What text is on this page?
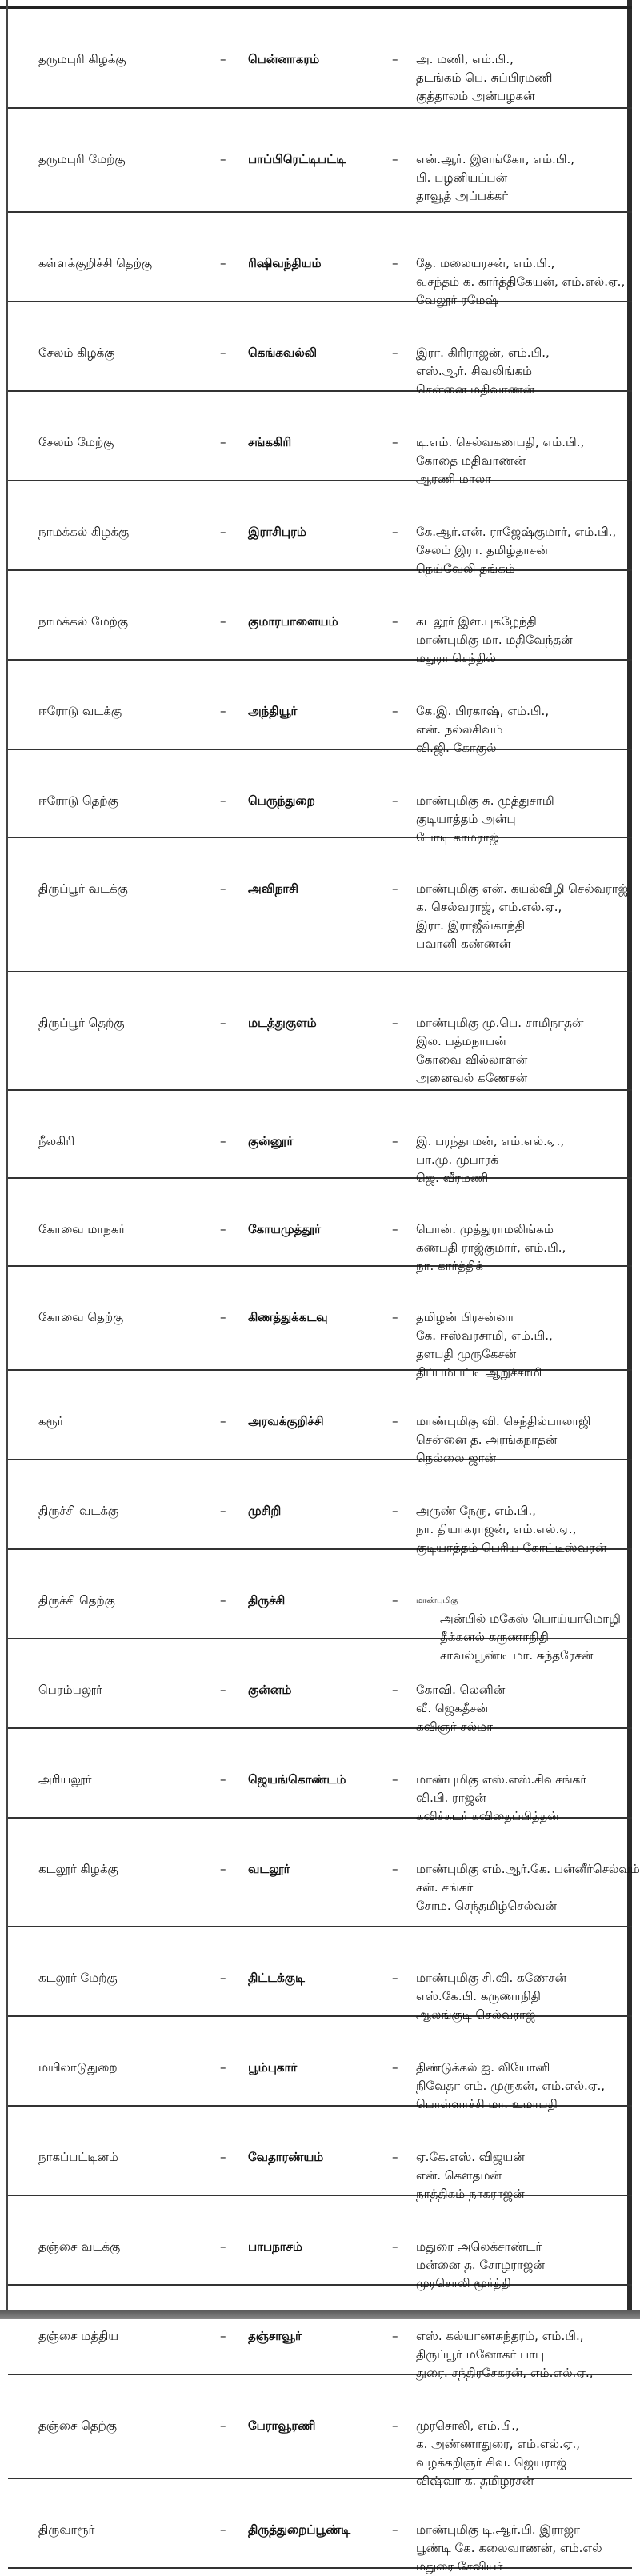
தருமபுரி கிழக்கு	– பென்னாகரம்	– அ. மணி, எம்.பி.,
தடங்கம் பெ. சுப்பிரமணி
குத்தாலம் அன்பழகன்
தருமபுரி மேற்கு	– பாப்பிரெட்டிபட்டி	– என்.ஆர். இளங்கோ, எம்.பி.,
பி. பழனியப்பன்
தாவூத் அப்பக்கர்
கள்ளக்குறிச்சி தெற்கு	– ரிஷிவந்தியம்	– தே. மலையரசன், எம்.பி.,
வசந்தம் க. கார்த்திகேயன், எம்.எல்.ஏ.,
வேலூர் ரமேஷ்
சேலம் கிழக்கு	– கெங்கவல்லி	– இரா. கிரிராஜன், எம்.பி.,
எஸ்.ஆர். சிவலிங்கம்
சென்னை மதிவாணன்
சேலம் மேற்கு	– சங்ககிரி	– டி.எம். செல்வகணபதி, எம்.பி.,
கோதை மதிவாணன்
ஆரணி மாலா
நாமக்கல் கிழக்கு	– இராசிபுரம்	– கே.ஆர்.என். ராஜேஷ்குமார், எம்.பி.,
சேலம் இரா. தமிழ்தாசன்
நெய்வேலி தங்கம்
நாமக்கல் மேற்கு	– குமாரபாளையம்	– கடலூர் இள.புகழேந்தி
மாண்புமிகு மா. மதிவேந்தன்
மதுரா செந்தில்
ஈரோடு வடக்கு	– அந்தியூர்	– கே.இ. பிரகாஷ், எம்.பி.,
என். நல்லசிவம்
வி.ஜி. கோகுல்
ஈரோடு தெற்கு	– பெருந்துறை	– மாண்புமிகு சு. முத்துசாமி
குடியாத்தம் அன்பு
போடி காமராஜ்
திருப்பூர் வடக்கு	– அவிநாசி	– மாண்புமிகு என். கயல்விழி செல்வராஜ்
க. செல்வராஜ், எம்.எல்.ஏ.,
இரா. இராஜீவ்காந்தி
பவானி கண்ணன்
திருப்பூர் தெற்கு	– மடத்துகுளம்	– மாண்புமிகு மு.பெ. சாமிநாதன்
இல. பத்மநாபன்
கோவை வில்லாளன்
அனைவல் கணேசன்
நீலகிரி	– குன்னூர்	– இ. பரந்தாமன், எம்.எல்.ஏ.,
பா.மு. முபாரக்
ஜெ. வீரமணி
கோவை மாநகர்	– கோயமுத்தூர்	– பொன். முத்துராமலிங்கம்
கணபதி ராஜ்குமார், எம்.பி.,
நா. கார்த்திக்
கோவை தெற்கு	– கிணத்துக்கடவு	– தமிழன் பிரசன்னா
கே. ஈஸ்வரசாமி, எம்.பி.,
தளபதி முருகேசன்
திப்பம்பட்டி ஆறுச்சாமி
கரூர்	– அரவக்குறிச்சி	– மாண்புமிகு வி. செந்தில்பாலாஜி
சென்னை த. அரங்கநாதன்
நெல்லை ஜான்
திருச்சி வடக்கு	– முசிறி	– அருண் நேரு, எம்.பி.,
நா. தியாகராஜன், எம்.எல்.ஏ.,
குடியாத்தம் பெரிய கோட்டீஸ்வரன்
திருச்சி தெற்கு	– திருச்சி	– மாண்புமிகு
அன்பில் மகேஸ் பொய்யாமொழி
தீக்கனல் கருணாநிதி
சாவல்பூண்டி மா. சுந்தரேசன்
பெரம்பலூர்	– குன்னம்	– கோவி. லெனின்
வீ. ஜெகதீசன்
கவிஞர் சல்மா
அரியலூர்	– ஜெயங்கொண்டம்	– மாண்புமிகு எஸ்.எஸ்.சிவசங்கர்
வி.பி. ராஜன்
கவிச்சுடர் கவிதைப்பித்தன்
கடலூர் கிழக்கு	– வடலூர்	– மாண்புமிகு எம்.ஆர்.கே. பன்னீர்செல்வம்
சன். சங்கர்
சோம. செந்தமிழ்செல்வன்
கடலூர் மேற்கு	– திட்டக்குடி	– மாண்புமிகு சி.வி. கணேசன்
எஸ்.கே.பி. கருணாநிதி
ஆலங்குடி செல்வராஜ்
மயிலாடுதுறை	– பூம்புகார்	– திண்டுக்கல் ஐ. லியோனி
நிவேதா எம். முருகன், எம்.எல்.ஏ.,
பொள்ளாச்சி மா. உமாபதி
நாகப்பட்டினம்	– வேதாரண்யம்	– ஏ.கே.எஸ். விஜயன்
என். கௌதமன்
நாத்திகம் நாகராஜன்
தஞ்சை வடக்கு	– பாபநாசம்	– மதுரை அலெக்சாண்டர்
மன்னை த. சோழராஜன்
முரசொலி மூர்த்தி
தஞ்சை மத்திய	– தஞ்சாவூர்	– எஸ். கல்யாணசுந்தரம், எம்.பி.,
திருப்பூர் மனோகர் பாபு
துரை. சந்திரசேகரன், எம்.எல்.ஏ.,
தஞ்சை தெற்கு	– பேராவூரணி	– முரசொலி, எம்.பி.,
க. அண்ணாதுரை, எம்.எல்.ஏ.,
வழக்கறிஞர் சிவ. ஜெயராஜ்
விஷ்வா க. தமிழரசன்
திருவாரூர்	– திருத்துறைப்பூண்டி	– மாண்புமிகு டி.ஆர்.பி. இராஜா
பூண்டி கே. கலைவாணன், எம்.எல்
மதுரை சேவியர்
